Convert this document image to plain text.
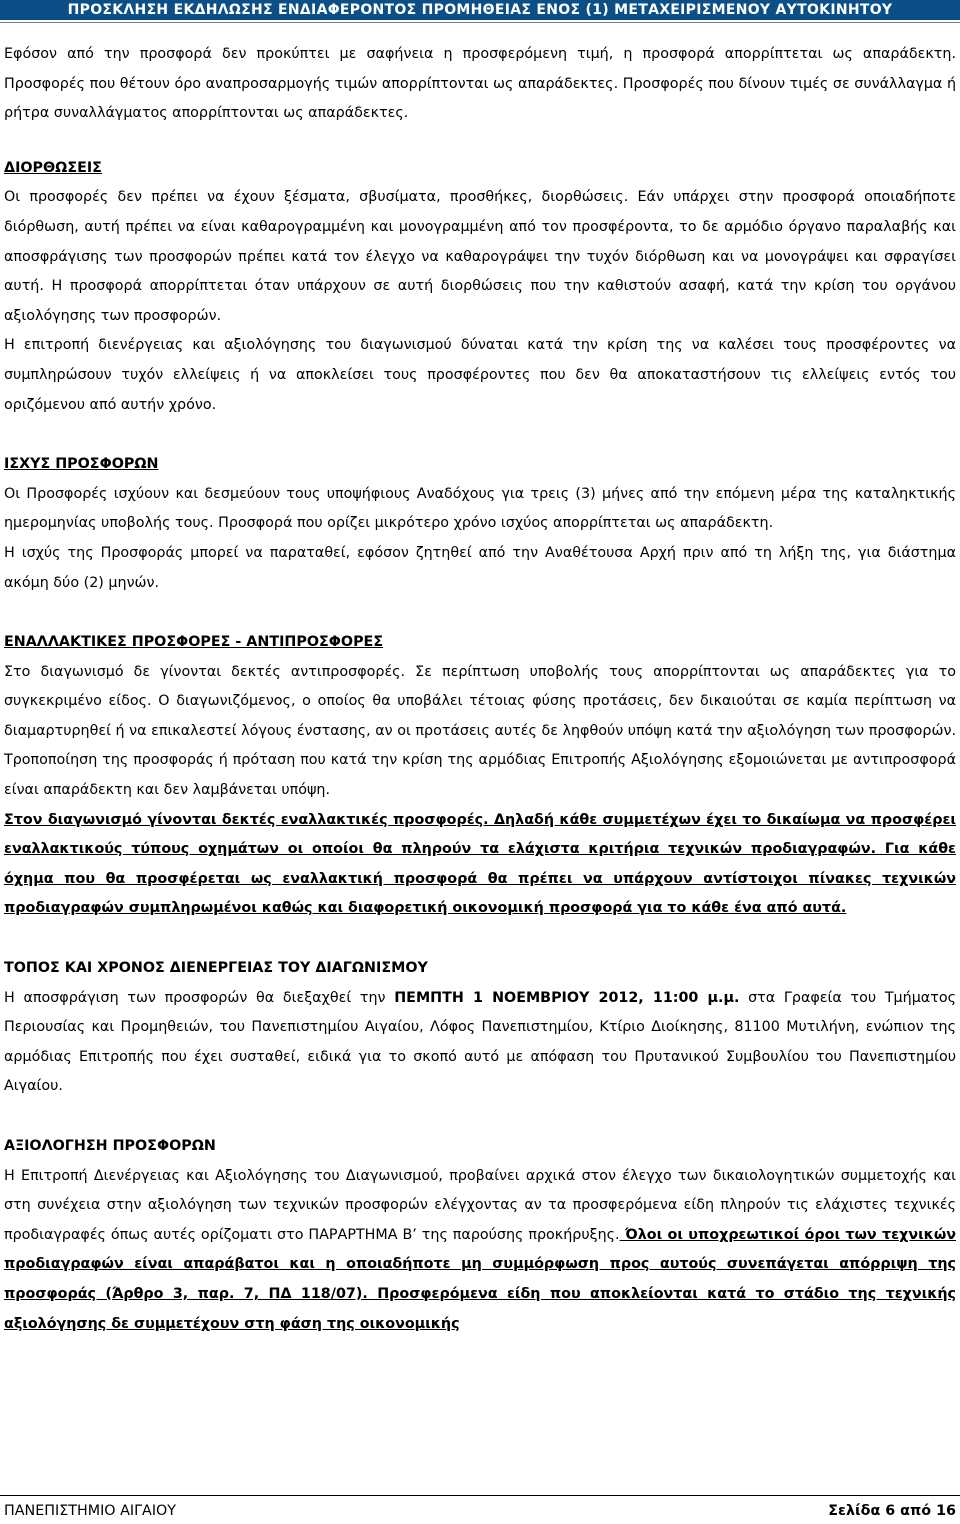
ΠΡΟΣΚΛΗΣΗ ΕΚΔΗΛΩΣΗΣ ΕΝΔΙΑΦΕΡΟΝΤΟΣ ΠΡΟΜΗΘΕΙΑΣ ΕΝΟΣ (1) ΜΕΤΑΧΕΙΡΙΣΜΕΝΟΥ ΑΥΤΟΚΙΝΗΤΟΥ

Εφόσον από την προσφορά δεν προκύπτει με σαφήνεια η προσφερόμενη τιμή, η προσφορά απορρίπτεται ως απαράδεκτη. Προσφορές που θέτουν όρο αναπροσαρμογής τιμών απορρίπτονται ως απαράδεκτες. Προσφορές που δίνουν τιμές σε συνάλλαγμα ή ρήτρα συναλλάγματος απορρίπτονται ως απαράδεκτες.

ΔΙΟΡΘΩΣΕΙΣ

Οι προσφορές δεν πρέπει να έχουν ξέσματα, σβυσίματα, προσθήκες, διορθώσεις. Εάν υπάρχει στην προσφορά οποιαδήποτε διόρθωση, αυτή πρέπει να είναι καθαρογραμμένη και μονογραμμένη από τον προσφέροντα, το δε αρμόδιο όργανο παραλαβής και αποσφράγισης των προσφορών πρέπει κατά τον έλεγχο να καθαρογράψει την τυχόν διόρθωση και να μονογράψει και σφραγίσει αυτή. Η προσφορά απορρίπτεται όταν υπάρχουν σε αυτή διορθώσεις που την καθιστούν ασαφή, κατά την κρίση του οργάνου αξιολόγησης των προσφορών.

Η επιτροπή διενέργειας και αξιολόγησης του διαγωνισμού δύναται κατά την κρίση της να καλέσει τους προσφέροντες να συμπληρώσουν τυχόν ελλείψεις ή να αποκλείσει τους προσφέροντες που δεν θα αποκαταστήσουν τις ελλείψεις εντός του οριζόμενου από αυτήν χρόνο.

ΙΣΧΥΣ ΠΡΟΣΦΟΡΩΝ

Οι Προσφορές ισχύουν και δεσμεύουν τους υποψήφιους Αναδόχους για τρεις (3) μήνες από την επόμενη μέρα της καταληκτικής ημερομηνίας υποβολής τους. Προσφορά που ορίζει μικρότερο χρόνο ισχύος απορρίπτεται ως απαράδεκτη.

Η ισχύς της Προσφοράς μπορεί να παραταθεί, εφόσον ζητηθεί από την Αναθέτουσα Αρχή πριν από τη λήξη της, για διάστημα ακόμη δύο (2) μηνών.

ΕΝΑΛΛΑΚΤΙΚΕΣ ΠΡΟΣΦΟΡΕΣ - ΑΝΤΙΠΡΟΣΦΟΡΕΣ

Στο διαγωνισμό δε γίνονται δεκτές αντιπροσφορές. Σε περίπτωση υποβολής τους απορρίπτονται ως απαράδεκτες για το συγκεκριμένο είδος. Ο διαγωνιζόμενος, ο οποίος θα υποβάλει τέτοιας φύσης προτάσεις, δεν δικαιούται σε καμία περίπτωση να διαμαρτυρηθεί ή να επικαλεστεί λόγους ένστασης, αν οι προτάσεις αυτές δε ληφθούν υπόψη κατά την αξιολόγηση των προσφορών. Τροποποίηση της προσφοράς ή πρόταση που κατά την κρίση της αρμόδιας Επιτροπής Αξιολόγησης εξομοιώνεται με αντιπροσφορά είναι απαράδεκτη και δεν λαμβάνεται υπόψη.

Στον διαγωνισμό γίνονται δεκτές εναλλακτικές προσφορές. Δηλαδή κάθε συμμετέχων έχει το δικαίωμα να προσφέρει εναλλακτικούς τύπους οχημάτων οι οποίοι θα πληρούν τα ελάχιστα κριτήρια τεχνικών προδιαγραφών. Για κάθε όχημα που θα προσφέρεται ως εναλλακτική προσφορά θα πρέπει να υπάρχουν αντίστοιχοι πίνακες τεχνικών προδιαγραφών συμπληρωμένοι καθώς και διαφορετική οικονομική προσφορά για το κάθε ένα από αυτά.

ΤΟΠΟΣ ΚΑΙ ΧΡΟΝΟΣ ΔΙΕΝΕΡΓΕΙΑΣ ΤΟΥ ΔΙΑΓΩΝΙΣΜΟΥ

Η αποσφράγιση των προσφορών θα διεξαχθεί την ΠΕΜΠΤΗ 1 ΝΟΕΜΒΡΙΟΥ 2012, 11:00 μ.μ. στα Γραφεία του Τμήματος Περιουσίας και Προμηθειών, του Πανεπιστημίου Αιγαίου, Λόφος Πανεπιστημίου, Κτίριο Διοίκησης, 81100 Μυτιλήνη, ενώπιον της αρμόδιας Επιτροπής που έχει συσταθεί, ειδικά για το σκοπό αυτό με απόφαση του Πρυτανικού Συμβουλίου του Πανεπιστημίου Αιγαίου.

ΑΞΙΟΛΟΓΗΣΗ ΠΡΟΣΦΟΡΩΝ

Η Επιτροπή Διενέργειας και Αξιολόγησης του Διαγωνισμού, προβαίνει αρχικά στον έλεγχο των δικαιολογητικών συμμετοχής και στη συνέχεια στην αξιολόγηση των τεχνικών προσφορών ελέγχοντας αν τα προσφερόμενα είδη πληρούν τις ελάχιστες τεχνικές προδιαγραφές όπως αυτές ορίζοματι στο ΠΑΡΑΡΤΗΜΑ Β’ της παρούσης προκήρυξης. Όλοι οι υποχρεωτικοί όροι των τεχνικών προδιαγραφών είναι απαράβατοι και η οποιαδήποτε μη συμμόρφωση προς αυτούς συνεπάγεται απόρριψη της προσφοράς (Άρθρο 3, παρ. 7, ΠΔ 118/07). Προσφερόμενα είδη που αποκλείονται κατά το στάδιο της τεχνικής αξιολόγησης δε συμμετέχουν στη φάση της οικονομικής

ΠΑΝΕΠΙΣΤΗΜΙΟ ΑΙΓΑΙΟΥ	Σελίδα 6 από 16
